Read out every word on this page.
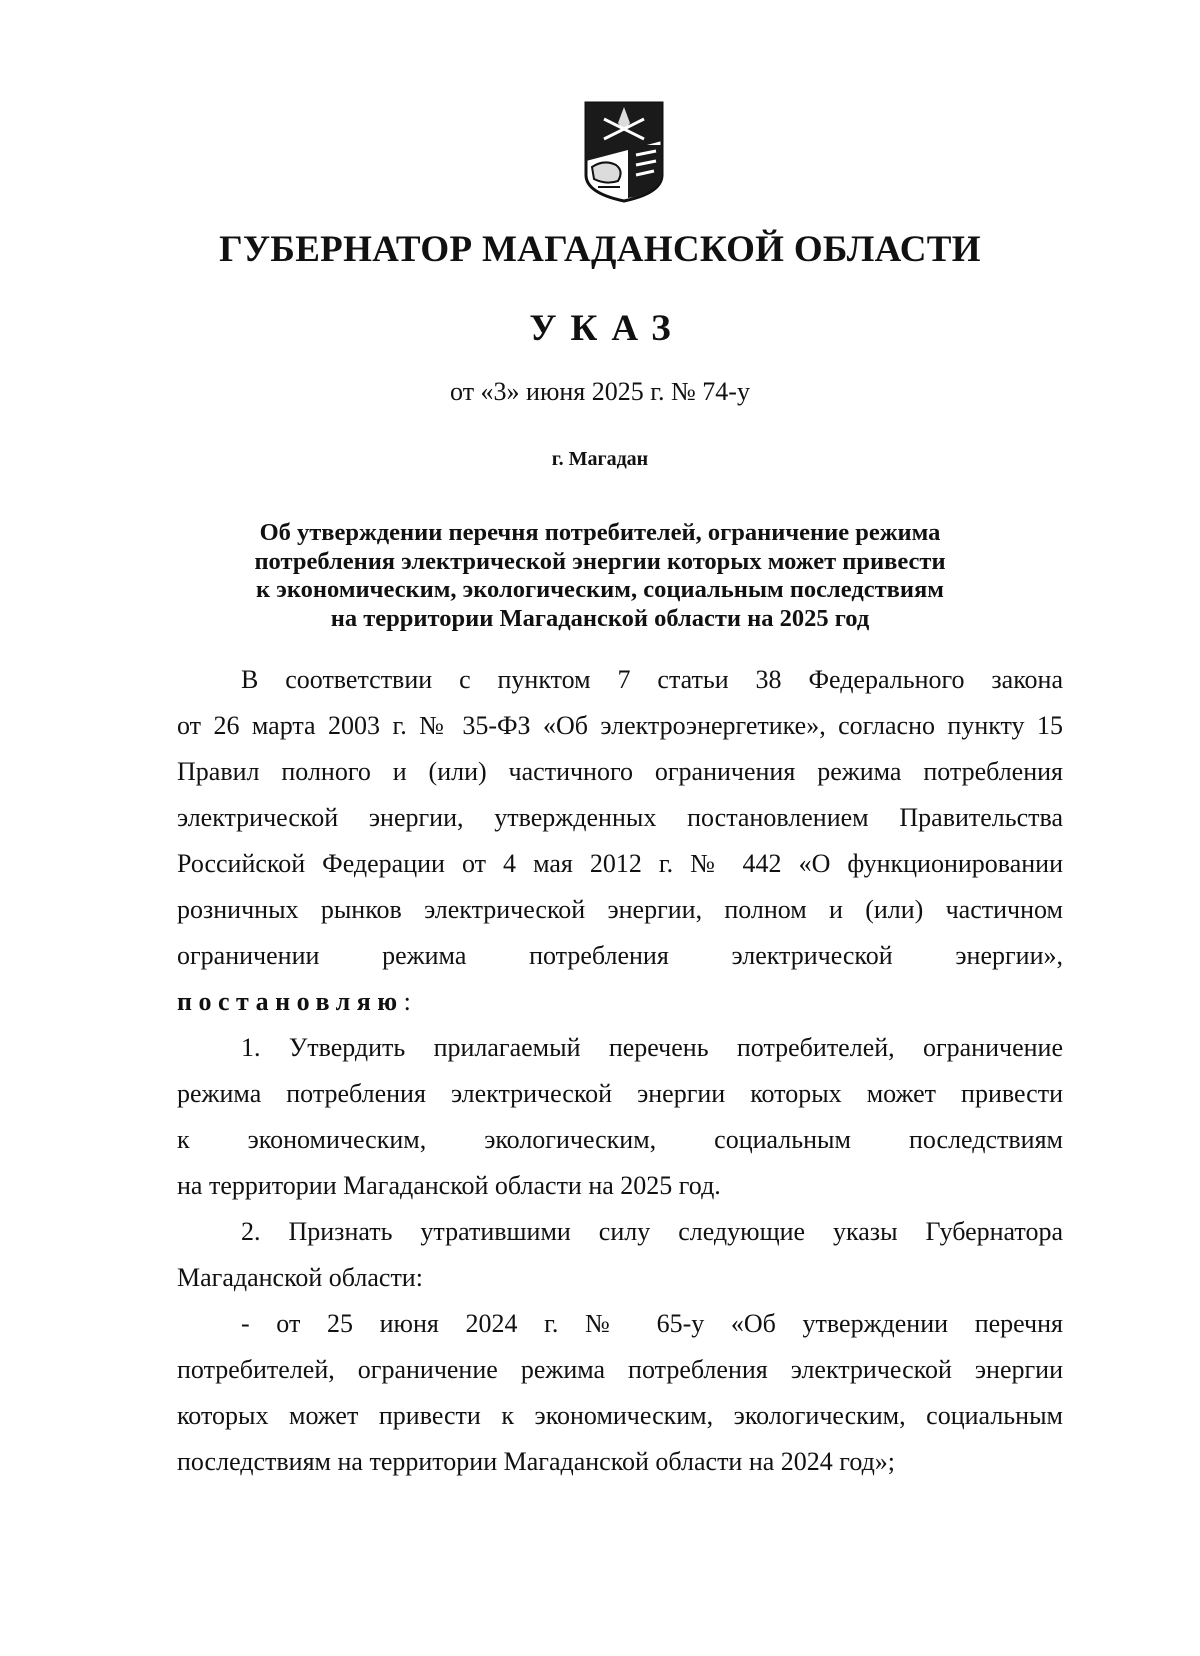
ГУБЕРНАТОР МАГАДАНСКОЙ ОБЛАСТИ
УКАЗ
от «3» июня 2025 г. № 74-у
г. Магадан
Об утверждении перечня потребителей, ограничение режима
потребления электрической энергии которых может привести
к экономическим, экологическим, социальным последствиям
на территории Магаданской области на 2025 год
В соответствии с пунктом 7 статьи 38 Федерального закона
от 26 марта 2003 г. № 35-ФЗ «Об электроэнергетике», согласно пункту 15
Правил полного и (или) частичного ограничения режима потребления
электрической энергии, утвержденных постановлением Правительства
Российской Федерации от 4 мая 2012 г. № 442 «О функционировании
розничных рынков электрической энергии, полном и (или) частичном
ограничении режима потребления электрической энергии»,
постановляю:
1. Утвердить прилагаемый перечень потребителей, ограничение
режима потребления электрической энергии которых может привести
к экономическим, экологическим, социальным последствиям
на территории Магаданской области на 2025 год.
2. Признать утратившими силу следующие указы Губернатора
Магаданской области:
- от 25 июня 2024 г. № 65-у «Об утверждении перечня
потребителей, ограничение режима потребления электрической энергии
которых может привести к экономическим, экологическим, социальным
последствиям на территории Магаданской области на 2024 год»;
